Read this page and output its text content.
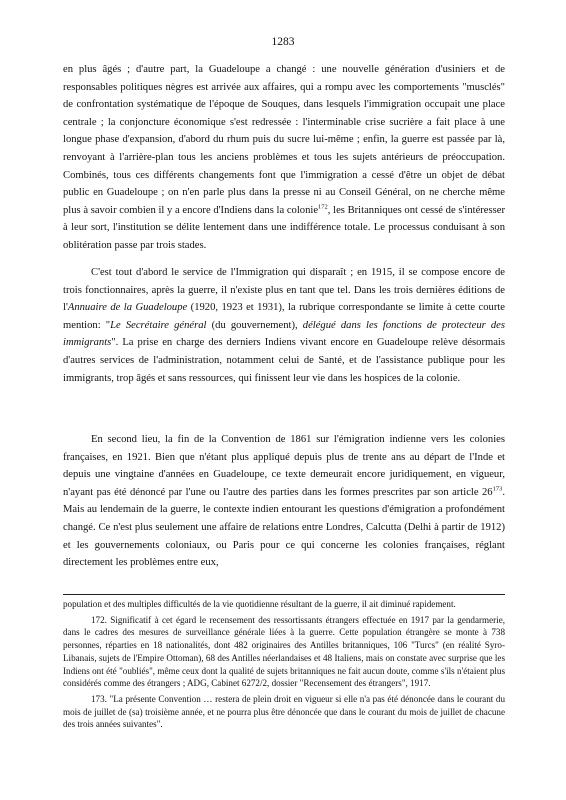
1283

en plus âgés ; d'autre part, la Guadeloupe a changé : une nouvelle génération d'usiniers et de responsables politiques nègres est arrivée aux affaires, qui a rompu avec les comportements "musclés" de confrontation systématique de l'époque de Souques, dans lesquels l'immigration occupait une place centrale ; la conjoncture économique s'est redressée : l'interminable crise sucrière a fait place à une longue phase d'expansion, d'abord du rhum puis du sucre lui-même ; enfin, la guerre est passée par là, renvoyant à l'arrière-plan tous les anciens problèmes et tous les sujets antérieurs de préoccupation. Combinés, tous ces différents changements font que l'immigration a cessé d'être un objet de débat public en Guadeloupe ; on n'en parle plus dans la presse ni au Conseil Général, on ne cherche même plus à savoir combien il y a encore d'Indiens dans la colonie$^{172}$, les Britanniques ont cessé de s'intéresser à leur sort, l'institution se délite lentement dans une indifférence totale. Le processus conduisant à son oblitération passe par trois stades.

C'est tout d'abord le service de l'Immigration qui disparaît ; en 1915, il se compose encore de trois fonctionnaires, après la guerre, il n'existe plus en tant que tel. Dans les trois dernières éditions de l'Annuaire de la Guadeloupe (1920, 1923 et 1931), la rubrique correspondante se limite à cette courte mention: "Le Secrétaire général (du gouvernement), délégué dans les fonctions de protecteur des immigrants". La prise en charge des derniers Indiens vivant encore en Guadeloupe relève désormais d'autres services de l'administration, notamment celui de Santé, et de l'assistance publique pour les immigrants, trop âgés et sans ressources, qui finissent leur vie dans les hospices de la colonie.

En second lieu, la fin de la Convention de 1861 sur l'émigration indienne vers les colonies françaises, en 1921. Bien que n'étant plus appliqué depuis plus de trente ans au départ de l'Inde et depuis une vingtaine d'années en Guadeloupe, ce texte demeurait encore juridiquement, en vigueur, n'ayant pas été dénoncé par l'une ou l'autre des parties dans les formes prescrites par son article $26^{173}$. Mais au lendemain de la guerre, le contexte indien entourant les questions d'émigration a profondément changé. Ce n'est plus seulement une affaire de relations entre Londres, Calcutta (Delhi à partir de 1912) et les gouvernements coloniaux, ou Paris pour ce qui concerne les colonies françaises, réglant directement les problèmes entre eux,

population et des multiples difficultés de la vie quotidienne résultant de la guerre, il ait diminué rapidement.

172. Significatif à cet égard le recensement des ressortissants étrangers effectuée en 1917 par la gendarmerie, dans le cadres des mesures de surveillance générale liées à la guerre. Cette population étrangère se monte à 738 personnes, réparties en 18 nationalités, dont 482 originaires des Antilles britanniques, 106 "Turcs" (en réalité Syro-Libanais, sujets de l'Empire Ottoman), 68 des Antilles néerlandaises et 48 Italiens, mais on constate avec surprise que les Indiens ont été "oubliés", même ceux dont la qualité de sujets britanniques ne fait aucun doute, comme s'ils n'étaient plus considérés comme des étrangers ; ADG, Cabinet 6272/2, dossier "Recensement des étrangers", 1917.

173. "La présente Convention … restera de plein droit en vigueur si elle n'a pas été dénoncée dans le courant du mois de juillet de (sa) troisième année, et ne pourra plus être dénoncée que dans le courant du mois de juillet de chacune des trois années suivantes".
